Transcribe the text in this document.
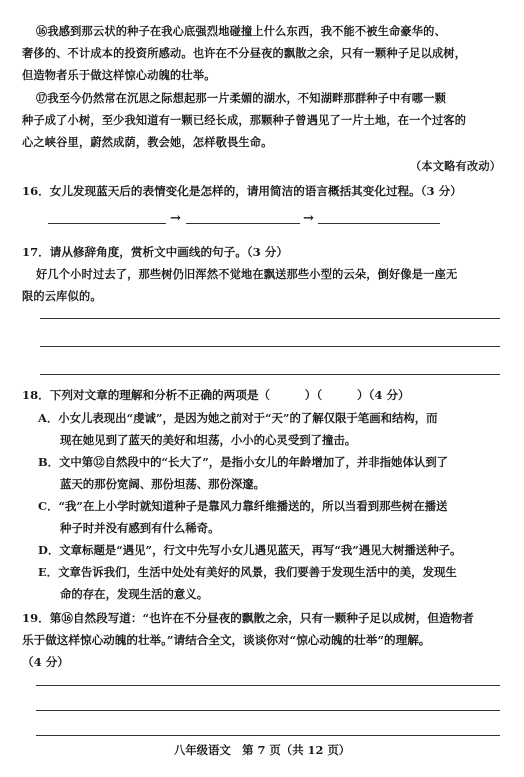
⑯我感到那云状的种子在我心底强烈地碰撞上什么东西，我不能不被生命豪华的、
奢侈的、不计成本的投资所感动。也许在不分昼夜的飘散之余，只有一颗种子足以成树，
但造物者乐于做这样惊心动魄的壮举。
⑰我至今仍然常在沉思之际想起那一片柔媚的湖水，不知湖畔那群种子中有哪一颗
种子成了小树，至少我知道有一颗已经长成，那颗种子曾遇见了一片土地，在一个过客的
心之峡谷里，蔚然成荫，教会她，怎样敬畏生命。
（本文略有改动）
16．女儿发现蓝天后的表情变化是怎样的，请用简洁的语言概括其变化过程。（3 分）
→	→
17．请从修辞角度，赏析文中画线的句子。（3 分）
好几个小时过去了，那些树仍旧浑然不觉地在飘送那些小型的云朵，倒好像是一座无
限的云库似的。
18．下列对文章的理解和分析不正确的两项是（　　　）（　　　）（4 分）
A．小女儿表现出“虔诚”，是因为她之前对于“天”的了解仅限于笔画和结构，而
现在她见到了蓝天的美好和坦荡，小小的心灵受到了撞击。
B．文中第⑫自然段中的“长大了”，是指小女儿的年龄增加了，并非指她体认到了
蓝天的那份宽阔、那份坦荡、那份深邃。
C．“我”在上小学时就知道种子是靠风力靠纤维播送的，所以当看到那些树在播送
种子时并没有感到有什么稀奇。
D．文章标题是“遇见”，行文中先写小女儿遇见蓝天，再写“我”遇见大树播送种子。
E．文章告诉我们，生活中处处有美好的风景，我们要善于发现生活中的美，发现生
命的存在，发现生活的意义。
19．第⑯自然段写道：“也许在不分昼夜的飘散之余，只有一颗种子足以成树，但造物者
乐于做这样惊心动魄的壮举。”请结合全文，谈谈你对“惊心动魄的壮举”的理解。
（4 分）
八年级语文　第 7 页（共 12 页）
